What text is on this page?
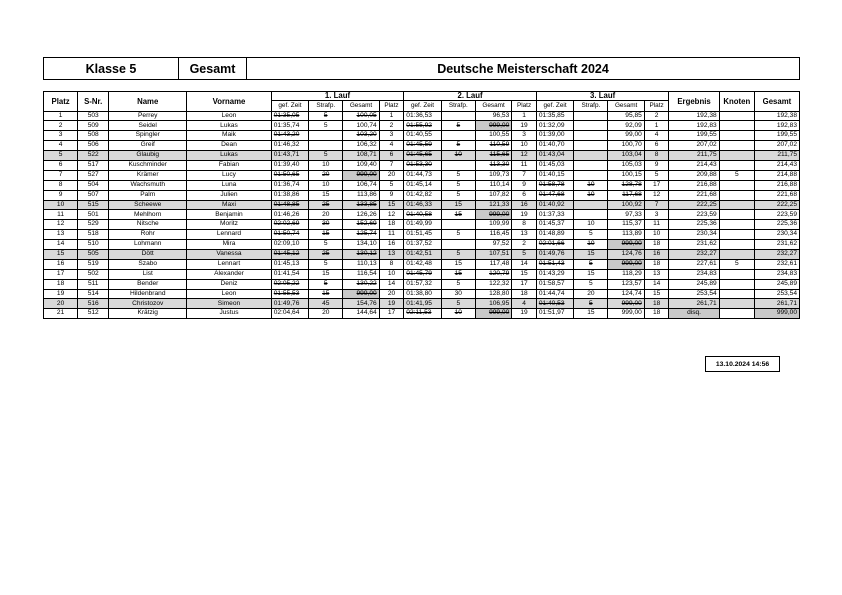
Klasse 5	Gesamt	Deutsche Meisterschaft 2024
Platz	S-Nr.	Name	Vorname	1. Lauf				2. Lauf				3. Lauf				Ergebnis	Knoten	Gesamt
				gef. Zeit	Strafp.	Gesamt	Platz	gef. Zeit	Strafp.	Gesamt	Platz	gef. Zeit	Strafp.	Gesamt	Platz			
1	503	Perrey	Leon	01:35,05	5	100,05	1	01:36,53		96,53	1	01:35,85		95,85	2	192,38		192,38
2	509	Seidel	Lukas	01:35,74	5	100,74	2	01:55,92	5	999,00	19	01:32,09		92,09	1	192,83		192,83
3	508	Spingler	Maik	01:43,20		103,20	3	01:40,55		100,55	3	01:39,00		99,00	4	199,55		199,55
4	506	Greif	Dean	01:46,32		106,32	4	01:45,59	5	110,59	10	01:40,70		100,70	6	207,02		207,02
5	522	Glaubig	Lukas	01:43,71	5	108,71	6	01:45,65	10	115,65	12	01:43,04		103,04	8	211,75		211,75
6	517	Kuschminder	Fabian	01:39,40	10	109,40	7	01:53,30		113,30	11	01:45,03		105,03	9	214,43		214,43
7	527	Krämer	Lucy	01:50,65	20	999,00	20	01:44,73	5	109,73	7	01:40,15		100,15	5	209,88	5	214,88
8	504	Wachsmuth	Luna	01:36,74	10	106,74	5	01:45,14	5	110,14	9	01:58,78	10	128,78	17	216,88		216,88
9	507	Palm	Julien	01:38,86	15	113,86	9	01:42,82	5	107,82	6	01:47,68	10	117,68	12	221,68		221,68
10	515	Scheewe	Maxi	01:48,85	25	133,85	15	01:46,33	15	121,33	16	01:40,92		100,92	7	222,25		222,25
11	501	Mehlhorn	Benjamin	01:46,26	20	126,26	12	01:40,58	15	999,00	19	01:37,33		97,33	3	223,59		223,59
12	529	Nitsche	Moritz	02:02,69	30	152,69	18	01:49,99		109,99	8	01:45,37	10	115,37	11	225,36		225,36
13	518	Rohr	Lennard	01:50,74	15	125,74	11	01:51,45	5	116,45	13	01:48,89	5	113,89	10	230,34		230,34
14	510	Lohmann	Mira	02:09,10	5	134,10	16	01:37,52		97,52	2	02:01,66	10	999,00	18	231,62		231,62
15	505	Dött	Vanessa	01:45,12	25	130,12	13	01:42,51	5	107,51	5	01:49,76	15	124,76	16	232,27		232,27
16	519	Szabo	Lennart	01:45,13	5	110,13	8	01:42,48	15	117,48	14	01:51,43	5	999,00	18	227,61	5	232,61
17	502	List	Alexander	01:41,54	15	116,54	10	01:45,79	15	120,79	15	01:43,29	15	118,29	13	234,83		234,83
18	511	Bender	Deniz	02:05,22	5	130,22	14	01:57,32	5	122,32	17	01:58,57	5	123,57	14	245,89		245,89
19	514	Hildenbrand	Leon	01:55,53	15	999,00	20	01:38,80	30	128,80	18	01:44,74	20	124,74	15	253,54		253,54
20	516	Christozov	Simeon	01:49,76	45	154,76	19	01:41,95	5	106,95	4	01:40,53	5	999,00	18	261,71		261,71
21	512	Krätzig	Justus	02:04,64	20	144,64	17	02:11,53	10	999,00	19	01:51,97	15	999,00	18	disq.		999,00
13.10.2024 14:56
